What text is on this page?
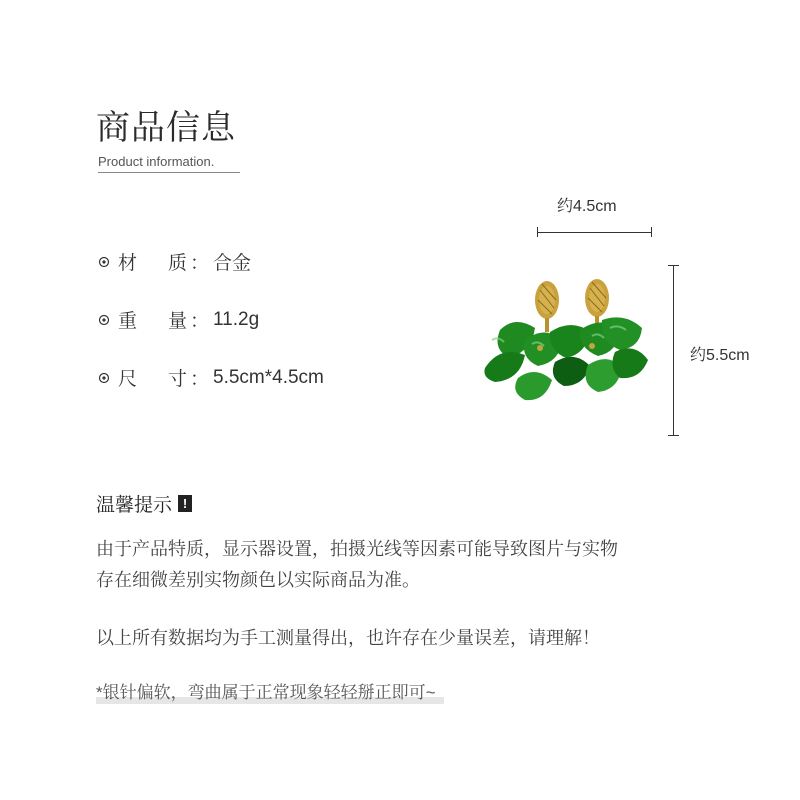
商品信息
Product information.
材 质 ： 合金
重 量 ： 11.2g
尺 寸 ： 5.5cm*4.5cm
约4.5cm
约5.5cm
温馨提示 !
由于产品特质，显示器设置，拍摄光线等因素可能导致图片与实物
存在细微差别实物颜色以实际商品为准。
以上所有数据均为手工测量得出，也许存在少量误差，请理解！
*银针偏软，弯曲属于正常现象轻轻掰正即可~
